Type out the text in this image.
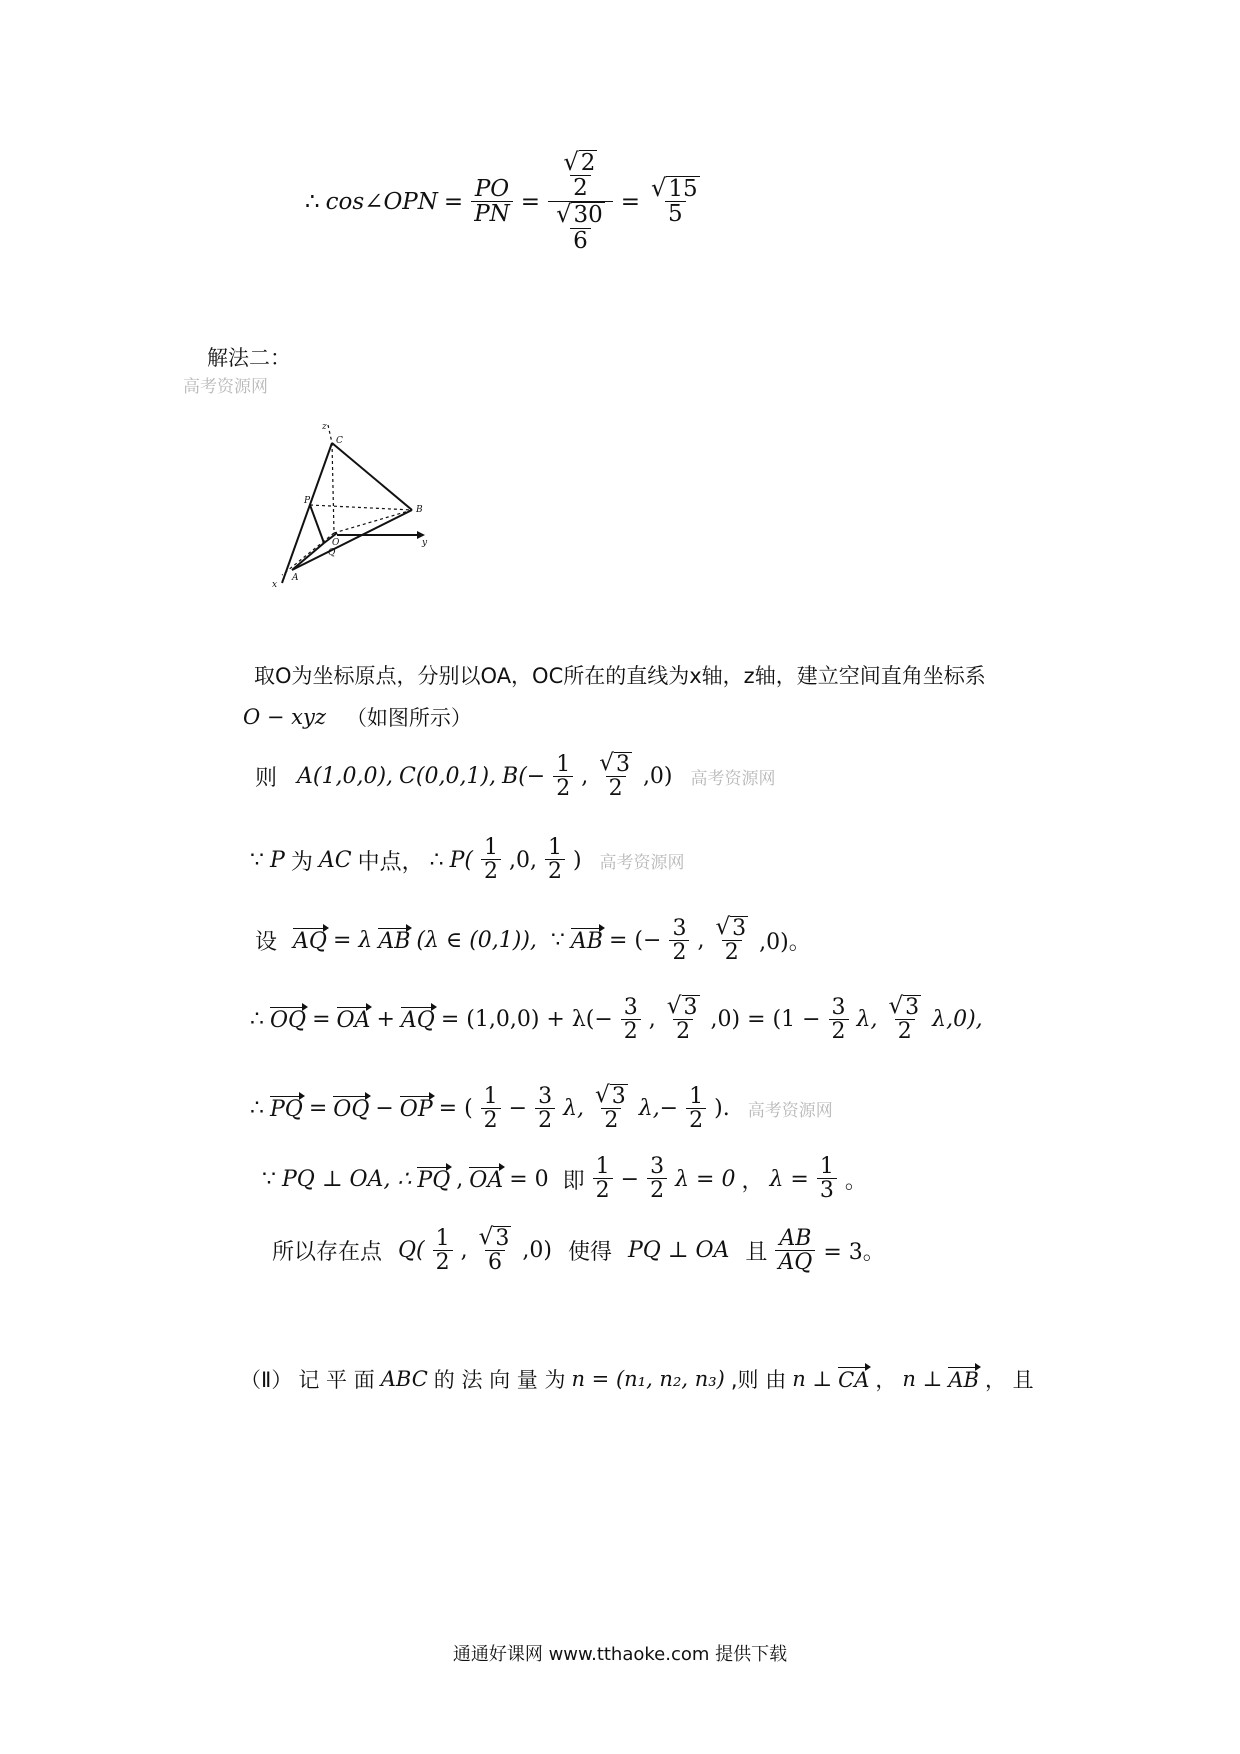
∴ cos∠OPN = $\frac{PO}{PN} = \frac{\frac{√ 2}{2}}{\frac{√ 30}{6}} = \frac{√ 15}{5}$
解法二：
高考资源网
z
C
P
B
O	y
Q
A
x
取O为坐标原点，分别以OA，OC所在的直线为x轴，z轴，建立空间直角坐标系
O − xyz （如图所示）
则 A(1,0,0), C(0,0,1), $B(- \frac{1}{2}$ , $\frac{√ 3}{2} ,0$) 高考资源网
∵ P 为 AC 中点， ∴ $P( \frac{1}{2} ,0$, $\frac{1}{2}$ ) 高考资源网
设 AQ = λ AB (λ ∈ (0,1)), ∵ AB = (− $\frac{3}{2}$ , $\frac{√ 3}{2} ,0$)。
∴ OQ = OA + AQ = $(1,0,0) + \lambda(- \frac{3}{2}$ , $\frac{√ 3}{2} ,0) = (1 - \frac{3}{2} \lambda$, $\frac{√ 3}{2} \lambda,0$),
∴ PQ = OQ − OP = ( $\frac{1}{2} - \frac{3}{2} \lambda$, $\frac{√ 3}{2} \lambda,- \frac{1}{2}$ ). 高考资源网
∵ PQ ⊥ OA, ∴ PQ , OA = 0 即 $\frac{1}{2} - \frac{3}{2}$ λ = 0 ， $\lambda = \frac{1}{3}$ 。
所以存在点 $Q( \frac{1}{2}$ , $\frac{√ 3}{6} ,0$) 使得 PQ ⊥ OA 且 $\frac{AB}{AQ} = 3$。
（Ⅱ） 记 平 面 ABC 的 法 向 量 为 n = (n₁, n₂, n₃) ,则 由 n ⊥ CA ， n ⊥ AB ， 且
通通好课网 www.tthaoke.com 提供下载
